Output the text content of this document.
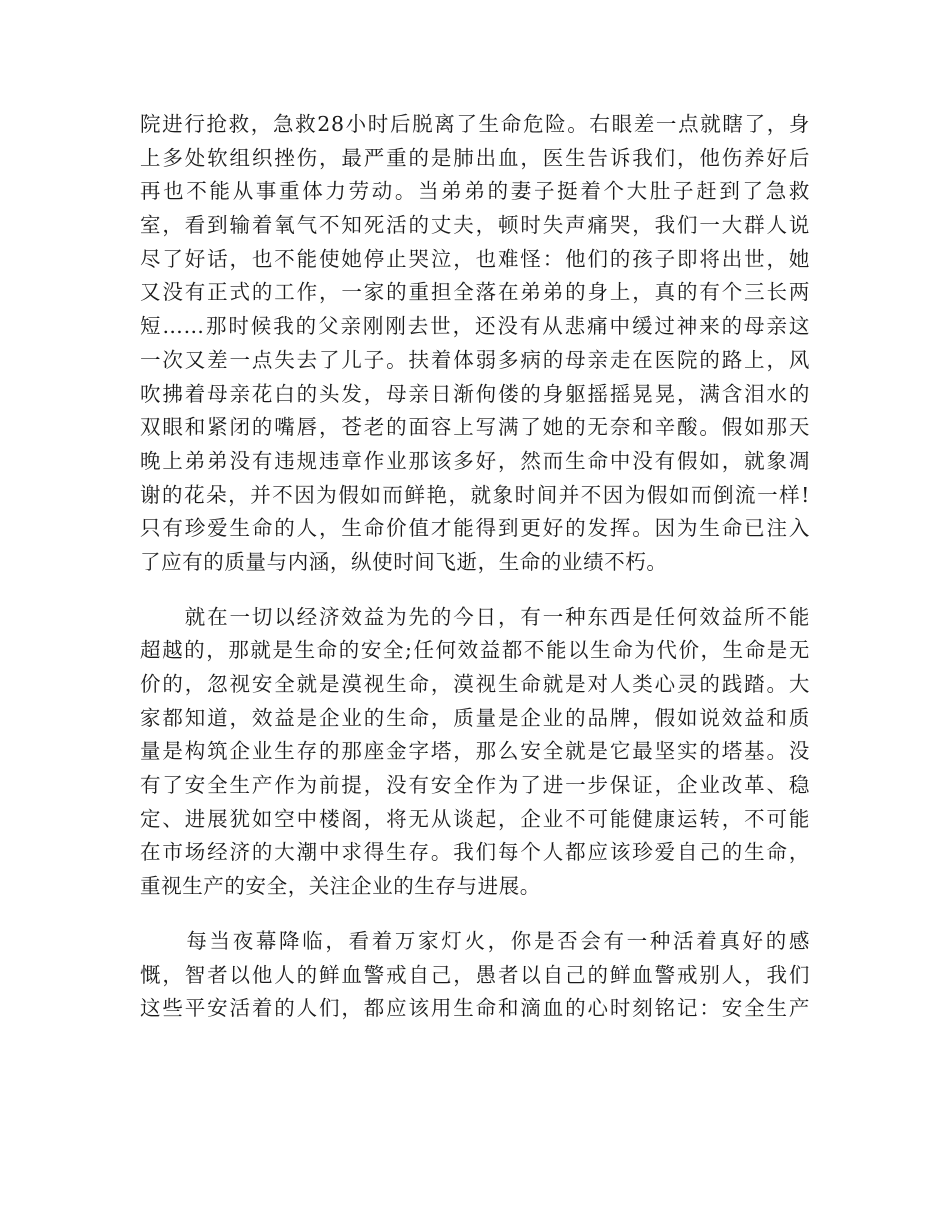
院进行抢救，急救28小时后脱离了生命危险。右眼差一点就瞎了，身
上多处软组织挫伤，最严重的是肺出血，医生告诉我们，他伤养好后
再也不能从事重体力劳动。当弟弟的妻子挺着个大肚子赶到了急救
室，看到输着氧气不知死活的丈夫，顿时失声痛哭，我们一大群人说
尽了好话，也不能使她停止哭泣，也难怪：他们的孩子即将出世，她
又没有正式的工作，一家的重担全落在弟弟的身上，真的有个三长两
短……那时候我的父亲刚刚去世，还没有从悲痛中缓过神来的母亲这
一次又差一点失去了儿子。扶着体弱多病的母亲走在医院的路上，风
吹拂着母亲花白的头发，母亲日渐佝偻的身躯摇摇晃晃，满含泪水的
双眼和紧闭的嘴唇，苍老的面容上写满了她的无奈和辛酸。假如那天
晚上弟弟没有违规违章作业那该多好，然而生命中没有假如，就象凋
谢的花朵，并不因为假如而鲜艳，就象时间并不因为假如而倒流一样!
只有珍爱生命的人，生命价值才能得到更好的发挥。因为生命已注入
了应有的质量与内涵，纵使时间飞逝，生命的业绩不朽。
　　就在一切以经济效益为先的今日，有一种东西是任何效益所不能
超越的，那就是生命的安全;任何效益都不能以生命为代价，生命是无
价的，忽视安全就是漠视生命，漠视生命就是对人类心灵的践踏。大
家都知道，效益是企业的生命，质量是企业的品牌，假如说效益和质
量是构筑企业生存的那座金字塔，那么安全就是它最坚实的塔基。没
有了安全生产作为前提，没有安全作为了进一步保证，企业改革、稳
定、进展犹如空中楼阁，将无从谈起，企业不可能健康运转，不可能
在市场经济的大潮中求得生存。我们每个人都应该珍爱自己的生命，
重视生产的安全，关注企业的生存与进展。
　　每当夜幕降临，看着万家灯火，你是否会有一种活着真好的感
慨，智者以他人的鲜血警戒自己，愚者以自己的鲜血警戒别人，我们
这些平安活着的人们，都应该用生命和滴血的心时刻铭记：安全生产
